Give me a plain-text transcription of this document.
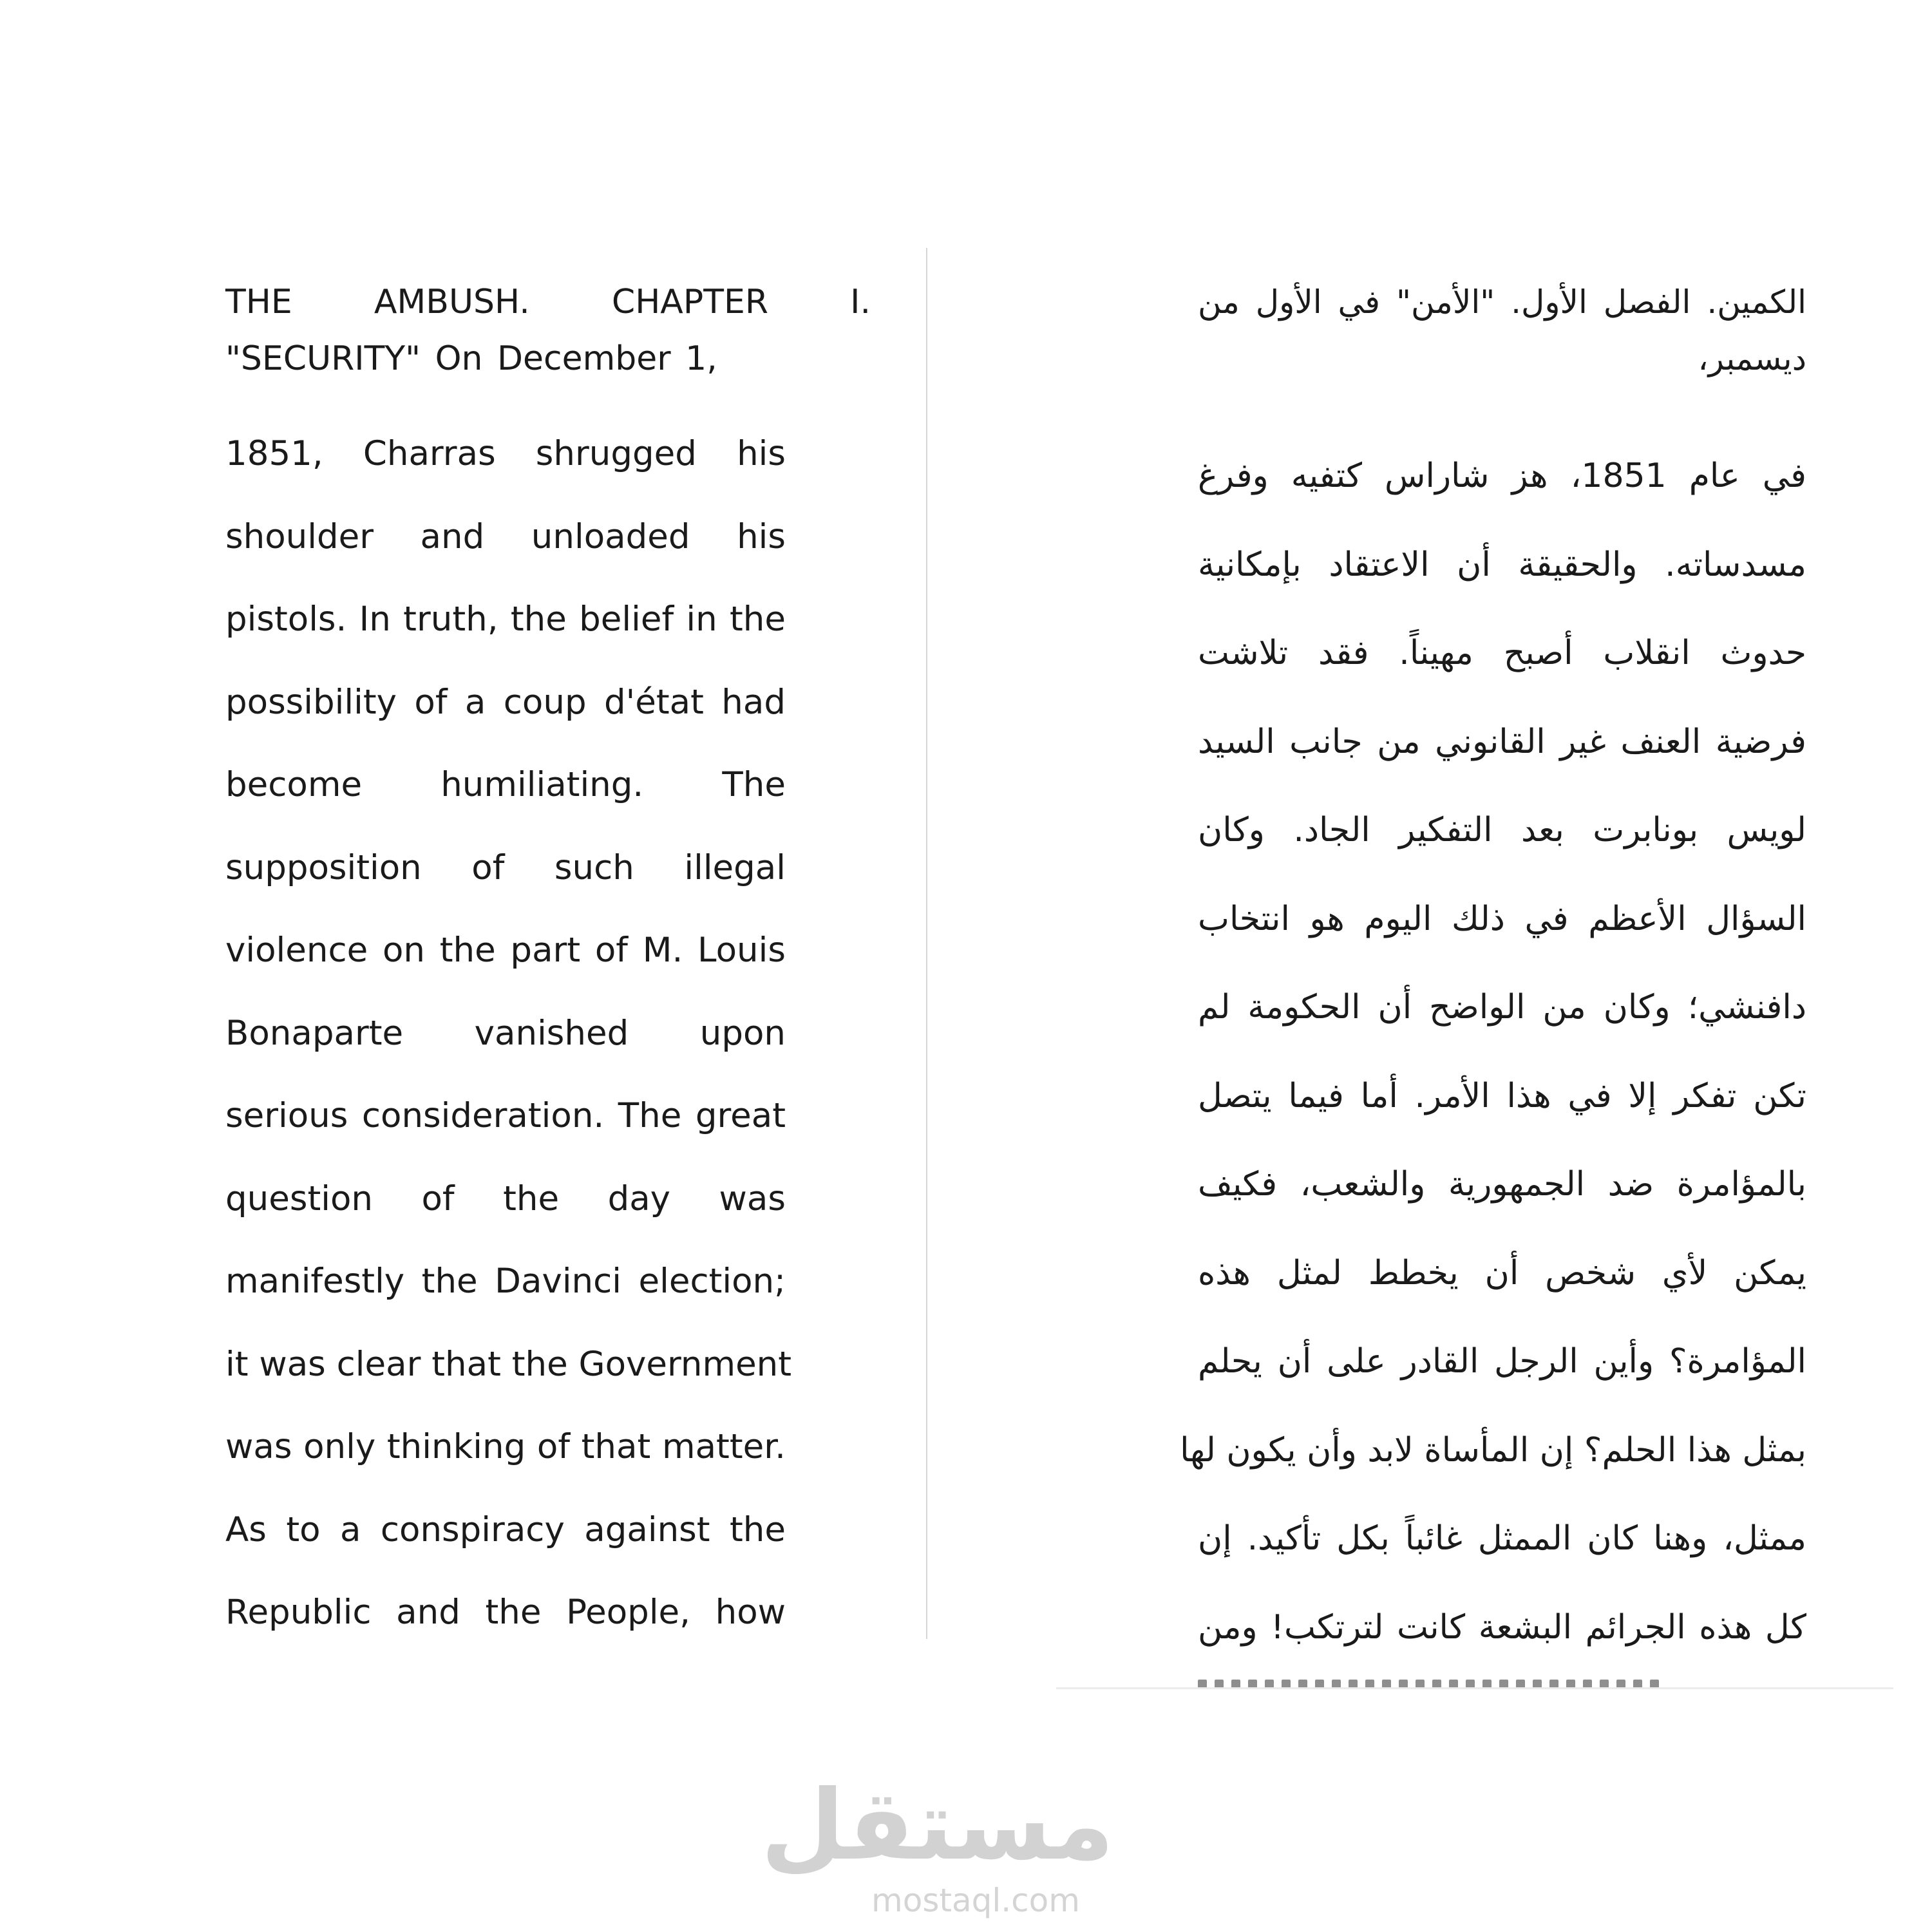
THE AMBUSH. CHAPTER I.
"SECURITY" On December 1,
1851, Charras shrugged his
shoulder and unloaded his
pistols. In truth, the belief in the
possibility of a coup d'état had
become humiliating. The
supposition of such illegal
violence on the part of M. Louis
Bonaparte vanished upon
serious consideration. The great
question of the day was
manifestly the Davinci election;
it was clear that the Government
was only thinking of that matter.
As to a conspiracy against the
Republic and the People, how
الكمين. الفصل الأول. "الأمن" في الأول من
ديسمبر،
في عام 1851، هز شاراس كتفيه وفرغ
مسدساته. والحقيقة أن الاعتقاد بإمكانية
حدوث انقلاب أصبح مهيناً. فقد تلاشت
فرضية العنف غير القانوني من جانب السيد
لويس بونابرت بعد التفكير الجاد. وكان
السؤال الأعظم في ذلك اليوم هو انتخاب
دافنشي؛ وكان من الواضح أن الحكومة لم
تكن تفكر إلا في هذا الأمر. أما فيما يتصل
بالمؤامرة ضد الجمهورية والشعب، فكيف
يمكن لأي شخص أن يخطط لمثل هذه
المؤامرة؟ وأين الرجل القادر على أن يحلم
بمثل هذا الحلم؟ إن المأساة لابد وأن يكون لها
ممثل، وهنا كان الممثل غائباً بكل تأكيد. إن
كل هذه الجرائم البشعة كانت لترتكب! ومن
مستقل
mostaql.com
